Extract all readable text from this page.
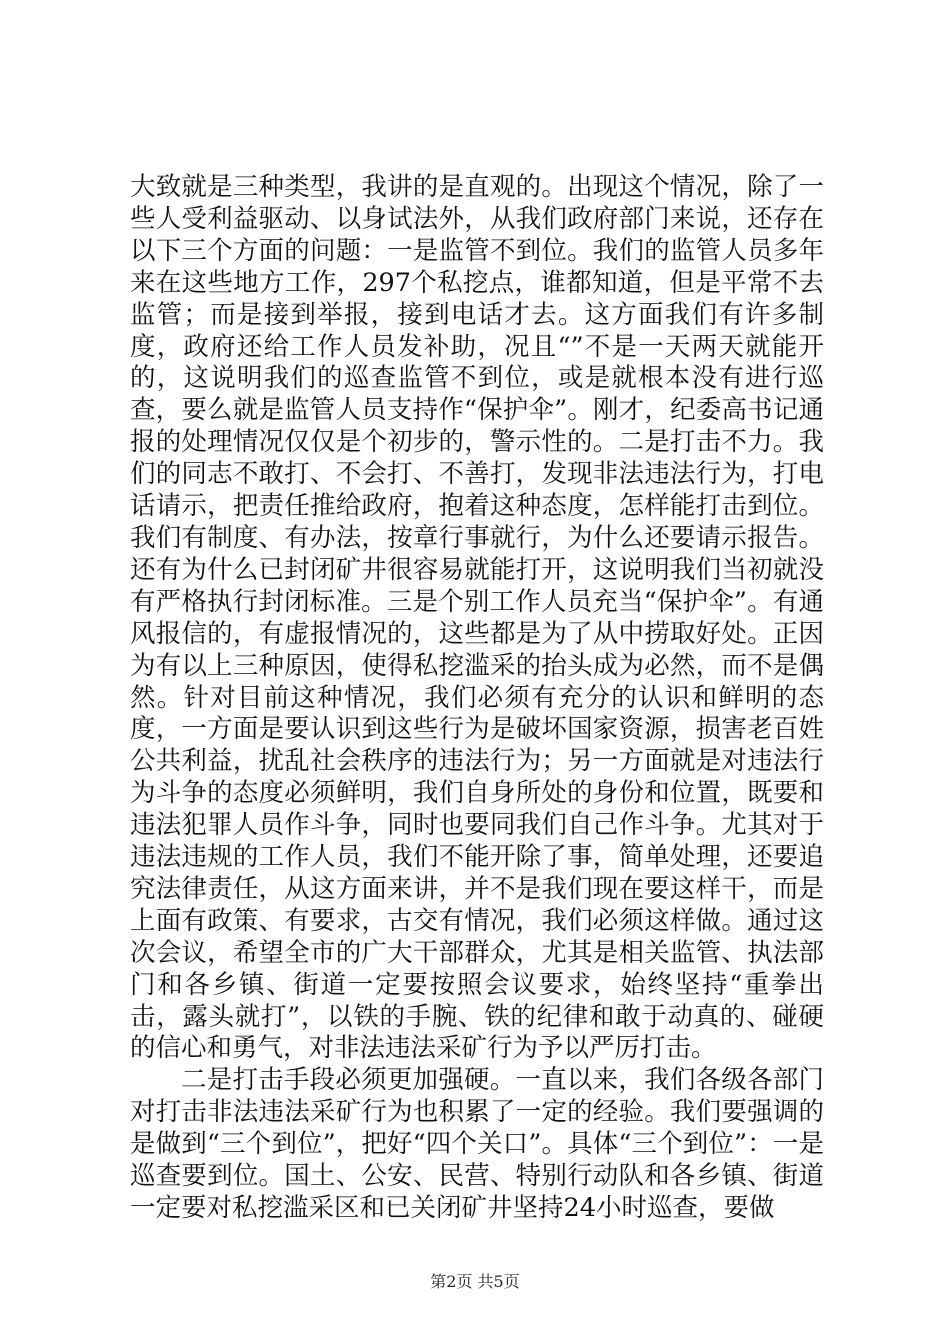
大致就是三种类型，我讲的是直观的。出现这个情况，除了一些人受利益驱动、以身试法外，从我们政府部门来说，还存在以下三个方面的问题：一是监管不到位。我们的监管人员多年来在这些地方工作，297个私挖点，谁都知道，但是平常不去监管；而是接到举报，接到电话才去。这方面我们有许多制度，政府还给工作人员发补助，况且“”不是一天两天就能开的，这说明我们的巡查监管不到位，或是就根本没有进行巡查，要么就是监管人员支持作“保护伞”。刚才，纪委高书记通报的处理情况仅仅是个初步的，警示性的。二是打击不力。我们的同志不敢打、不会打、不善打，发现非法违法行为，打电话请示，把责任推给政府，抱着这种态度，怎样能打击到位。我们有制度、有办法，按章行事就行，为什么还要请示报告。还有为什么已封闭矿井很容易就能打开，这说明我们当初就没有严格执行封闭标准。三是个别工作人员充当“保护伞”。有通风报信的，有虚报情况的，这些都是为了从中捞取好处。正因为有以上三种原因，使得私挖滥采的抬头成为必然，而不是偶然。针对目前这种情况，我们必须有充分的认识和鲜明的态度，一方面是要认识到这些行为是破坏国家资源，损害老百姓公共利益，扰乱社会秩序的违法行为；另一方面就是对违法行为斗争的态度必须鲜明，我们自身所处的身份和位置，既要和违法犯罪人员作斗争，同时也要同我们自己作斗争。尤其对于违法违规的工作人员，我们不能开除了事，简单处理，还要追究法律责任，从这方面来讲，并不是我们现在要这样干，而是上面有政策、有要求，古交有情况，我们必须这样做。通过这次会议，希望全市的广大干部群众，尤其是相关监管、执法部门和各乡镇、街道一定要按照会议要求，始终坚持“重拳出击，露头就打”，以铁的手腕、铁的纪律和敢于动真的、碰硬的信心和勇气，对非法违法采矿行为予以严厉打击。

二是打击手段必须更加强硬。一直以来，我们各级各部门对打击非法违法采矿行为也积累了一定的经验。我们要强调的是做到“三个到位”，把好“四个关口”。具体“三个到位”：一是巡查要到位。国土、公安、民营、特别行动队和各乡镇、街道一定要对私挖滥采区和已关闭矿井坚持24小时巡查，要做

第2页 共5页
